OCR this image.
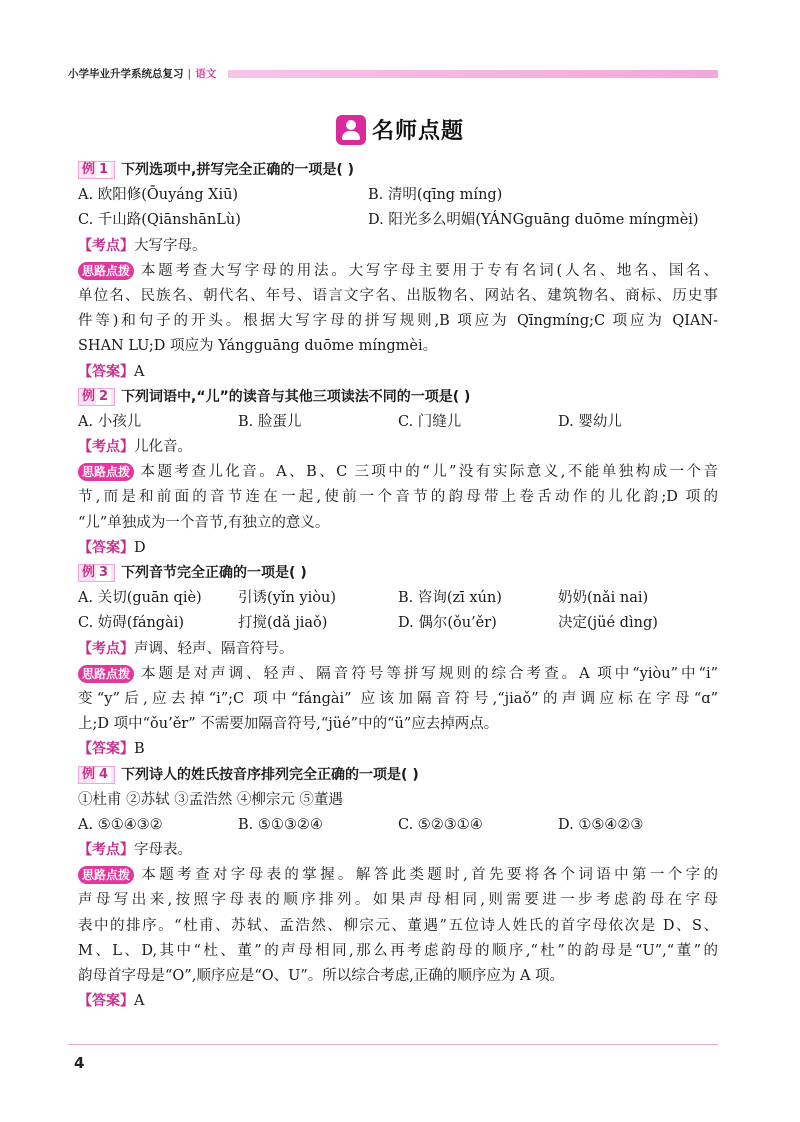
小学毕业升学系统总复习 | 语文
名师点题
例 1 下列选项中,拼写完全正确的一项是( )
A. 欧阳修(Ōuyáng Xiū)	B. 清明(qīng míng)
C. 千山路(QiānshānLù)	D. 阳光多么明媚(YÁNGguāng duōme míngmèi)
【考点】大写字母。
思路点拨 本题考查大写字母的用法。大写字母主要用于专有名词(人名、地名、国名、
单位名、民族名、朝代名、年号、语言文字名、出版物名、网站名、建筑物名、商标、历史事
件等)和句子的开头。根据大写字母的拼写规则,B 项应为 Qīngmíng;C 项应为 QIAN-
SHAN LU;D 项应为 Yángguāng duōme míngmèi。
【答案】A
例 2 下列词语中,“儿”的读音与其他三项读法不同的一项是( )
A. 小孩儿	B. 脸蛋儿	C. 门缝儿	D. 婴幼儿
【考点】儿化音。
思路点拨 本题考查儿化音。A、B、C 三项中的“儿”没有实际意义,不能单独构成一个音
节,而是和前面的音节连在一起,使前一个音节的韵母带上卷舌动作的儿化韵;D 项的
“儿”单独成为一个音节,有独立的意义。
【答案】D
例 3 下列音节完全正确的一项是( )
A. 关切(guān qiè)	引诱(yǐn yiòu)	B. 咨询(zī xún)	奶奶(nǎi nai)
C. 妨碍(fángài)	打搅(dǎ jiaǒ)	D. 偶尔(ǒu’ěr)	决定(jüé dìng)
【考点】声调、轻声、隔音符号。
思路点拨 本题是对声调、轻声、隔音符号等拼写规则的综合考查。A 项中“yiòu”中“i”
变“y”后,应去掉“i”;C 项中“fángài” 应该加隔音符号,“jiaǒ”的声调应标在字母“ɑ”
上;D 项中“ǒu’ěr” 不需要加隔音符号,“jüé”中的“ü”应去掉两点。
【答案】B
例 4 下列诗人的姓氏按音序排列完全正确的一项是( )
①杜甫 ②苏轼 ③孟浩然 ④柳宗元 ⑤董遇
A. ⑤①④③②	B. ⑤①③②④	C. ⑤②③①④	D. ①⑤④②③
【考点】字母表。
思路点拨 本题考查对字母表的掌握。解答此类题时,首先要将各个词语中第一个字的
声母写出来,按照字母表的顺序排列。如果声母相同,则需要进一步考虑韵母在字母
表中的排序。“杜甫、苏轼、孟浩然、柳宗元、董遇”五位诗人姓氏的首字母依次是 D、S、
M、L、D,其中“杜、董”的声母相同,那么再考虑韵母的顺序,“杜”的韵母是“U”,“董”的
韵母首字母是“O”,顺序应是“O、U”。所以综合考虑,正确的顺序应为 A 项。
【答案】A
4
